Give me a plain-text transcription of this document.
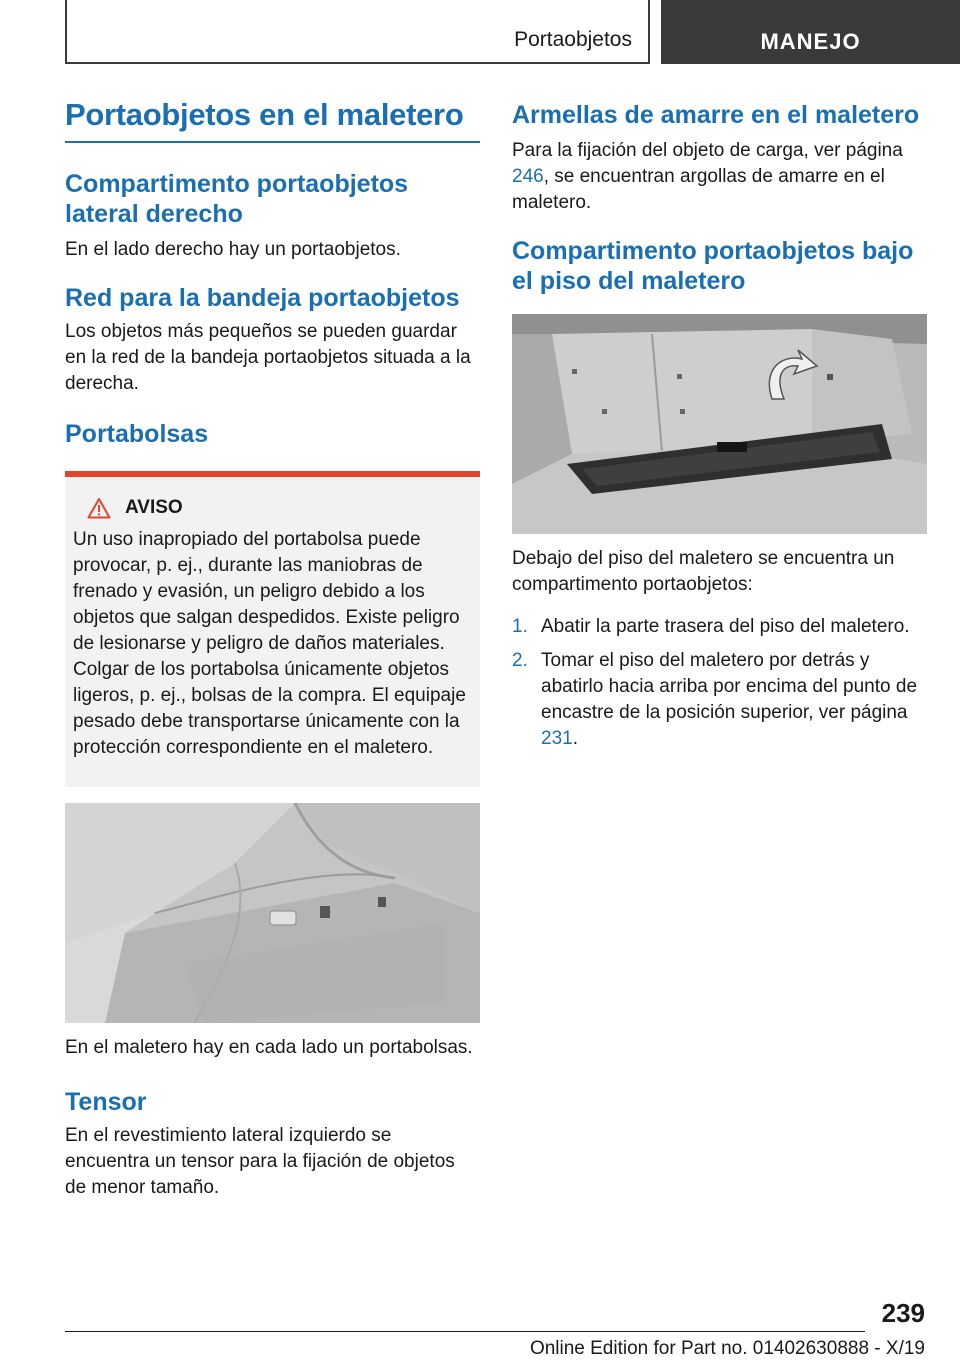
Portaobjetos	MANEJO
Portaobjetos en el maletero
Compartimento portaobjetos lateral derecho

En el lado derecho hay un portaobjetos.

Red para la bandeja portaobjetos

Los objetos más pequeños se pueden guardar en la red de la bandeja portaobjetos situada a la derecha.

Portabolsas
AVISO

Un uso inapropiado del portabolsa puede provocar, p. ej., durante las maniobras de frenado y evasión, un peligro debido a los objetos que salgan despedidos. Existe peligro de lesionarse y peligro de daños materiales. Colgar de los portabolsa únicamente objetos ligeros, p. ej., bolsas de la compra. El equipaje pesado debe transportarse únicamente con la protección correspondiente en el maletero.

En el maletero hay en cada lado un portabolsas.

Tensor

En el revestimiento lateral izquierdo se encuentra un tensor para la fijación de objetos de menor tamaño.

Armellas de amarre en el maletero

Para la fijación del objeto de carga, ver página 246, se encuentran argollas de amarre en el maletero.

Compartimento portaobjetos bajo el piso del maletero

Debajo del piso del maletero se encuentra un compartimento portaobjetos:

1. Abatir la parte trasera del piso del maletero.
2. Tomar el piso del maletero por detrás y abatirlo hacia arriba por encima del punto de encastre de la posición superior, ver página 231.
239
Online Edition for Part no. 01402630888 - X/19
